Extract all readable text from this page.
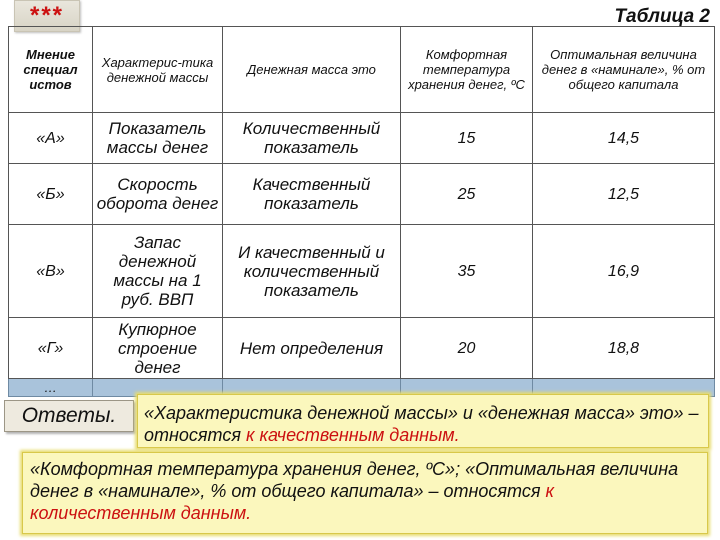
***	Таблица 2
Мнение специал истов	Характерис-тика денежной массы	Денежная масса это	Комфортная температура хранения денег, ºС	Оптимальная величина денег в «наминале», % от общего капитала
«А»	Показатель массы денег	Количественный показатель	15	14,5
«Б»	Скорость оборота денег	Качественный показатель	25	12,5
«В»	Запас денежной массы на 1 руб. ВВП	И качественный и количественный показатель	35	16,9
«Г»	Купюрное строение денег	Нет определения	20	18,8
…				
Ответы.	«Характеристика денежной массы» и «денежная масса» это» – относятся к качественным данным.
«Комфортная температура хранения денег, ºС»; «Оптимальная величина денег в «наминале», % от общего капитала» – относятся к количественным данным.
